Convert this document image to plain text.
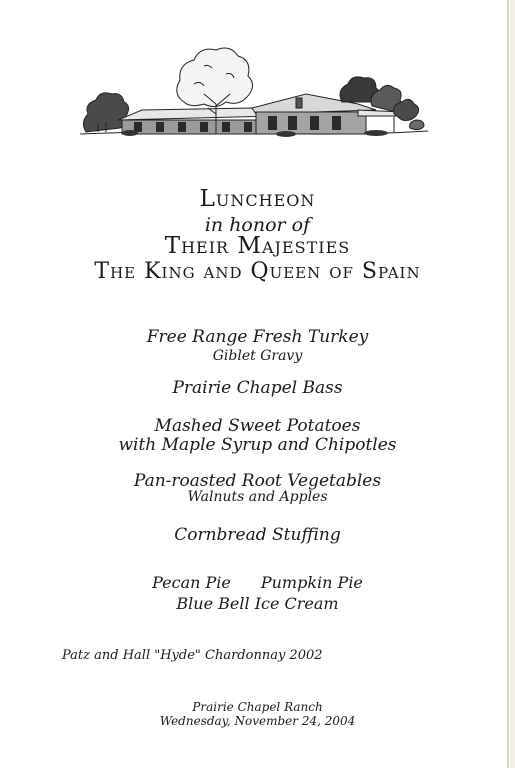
Luncheon
in honor of
Their Majesties
The King and Queen of Spain
Free Range Fresh Turkey
Giblet Gravy
Prairie Chapel Bass
Mashed Sweet Potatoes
with Maple Syrup and Chipotles
Pan-roasted Root Vegetables
Walnuts and Apples
Cornbread Stuffing
Pecan Pie Pumpkin Pie
Blue Bell Ice Cream
Patz and Hall "Hyde" Chardonnay 2002
Prairie Chapel Ranch
Wednesday, November 24, 2004
